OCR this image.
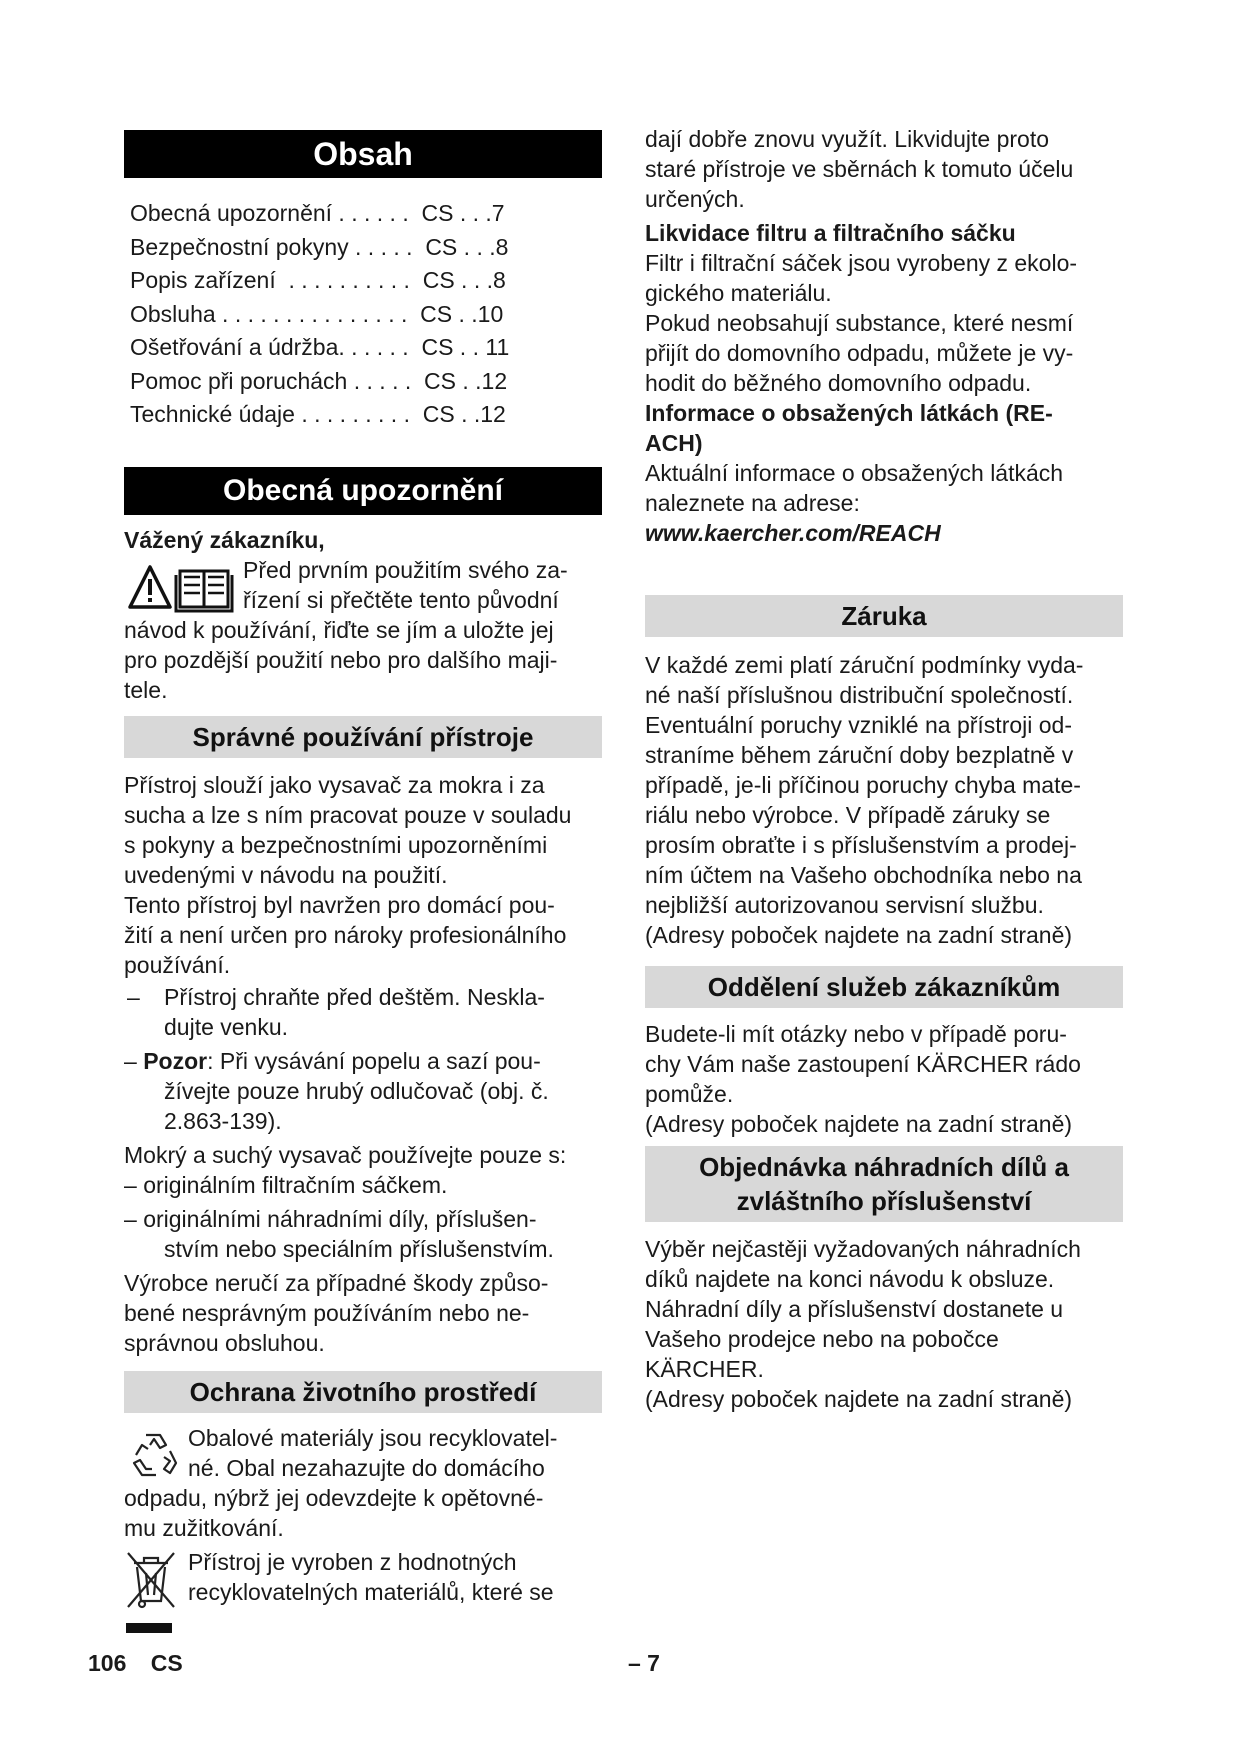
Obsah
Obecná upozornění . . . . . .  CS . . .7
Bezpečnostní pokyny . . . . .  CS . . .8
Popis zařízení  . . . . . . . . . .  CS . . .8
Obsluha . . . . . . . . . . . . . . .  CS . .10
Ošetřování a údržba. . . . . .  CS . . 11
Pomoc při poruchách . . . . .  CS . .12
Technické údaje . . . . . . . . .  CS . .12
Obecná upozornění

Vážený zákazníku,

Před prvním použitím svého za-

řízení si přečtěte tento původní

návod k používání, řiďte se jím a uložte jej

pro pozdější použití nebo pro dalšího maji-

tele.

Správné používání přístroje

Přístroj slouží jako vysavač za mokra i za

sucha a lze s ním pracovat pouze v souladu

s pokyny a bezpečnostními upozorněními

uvedenými v návodu na použití.

Tento přístroj byl navržen pro domácí pou-

žití a není určen pro nároky profesionálního

používání.

– Přístroj chraňte před deštěm. Neskla-

dujte venku.

– Pozor: Při vysávání popelu a sazí pou-

žívejte pouze hrubý odlučovač (obj. č.

2.863-139).

Mokrý a suchý vysavač používejte pouze s:

– originálním filtračním sáčkem.

– originálními náhradními díly, příslušen-

stvím nebo speciálním příslušenstvím.

Výrobce neručí za případné škody způso-

bené nesprávným používáním nebo ne-

správnou obsluhou.

Ochrana životního prostředí

Obalové materiály jsou recyklovatel-

né. Obal nezahazujte do domácího

odpadu, nýbrž jej odevzdejte k opětovné-

mu zužitkování.

Přístroj je vyroben z hodnotných

recyklovatelných materiálů, které se

dají dobře znovu využít. Likvidujte proto

staré přístroje ve sběrnách k tomuto účelu

určených.

Likvidace filtru a filtračního sáčku

Filtr i filtrační sáček jsou vyrobeny z ekolo-

gického materiálu.

Pokud neobsahují substance, které nesmí

přijít do domovního odpadu, můžete je vy-

hodit do běžného domovního odpadu.

Informace o obsažených látkách (RE-

ACH)

Aktuální informace o obsažených látkách

naleznete na adrese:

www.kaercher.com/REACH

Záruka

V každé zemi platí záruční podmínky vyda-

né naší příslušnou distribuční společností.

Eventuální poruchy vzniklé na přístroji od-

straníme během záruční doby bezplatně v

případě, je-li příčinou poruchy chyba mate-

riálu nebo výrobce. V případě záruky se

prosím obraťte i s příslušenstvím a prodej-

ním účtem na Vašeho obchodníka nebo na

nejbližší autorizovanou servisní službu.

(Adresy poboček najdete na zadní straně)

Oddělení služeb zákazníkům

Budete-li mít otázky nebo v případě poru-

chy Vám naše zastoupení KÄRCHER rádo

pomůže.

(Adresy poboček najdete na zadní straně)

Objednávka náhradních dílů a
zvláštního příslušenství

Výběr nejčastěji vyžadovaných náhradních

díků najdete na konci návodu k obsluze.

Náhradní díly a příslušenství dostanete u

Vašeho prodejce nebo na pobočce

KÄRCHER.

(Adresy poboček najdete na zadní straně)

106 CS	– 7
